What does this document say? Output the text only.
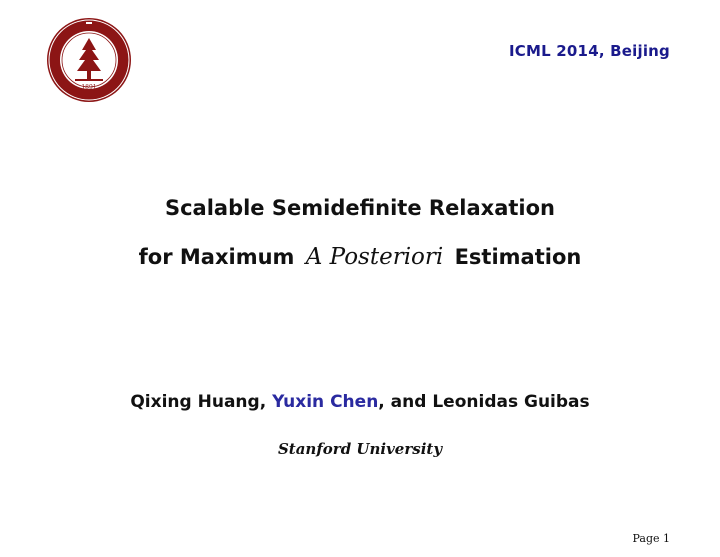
1891
ICML 2014, Beijing
Scalable Semidefinite Relaxation
for Maximum A Posteriori Estimation
Qixing Huang, Yuxin Chen, and Leonidas Guibas
Stanford University
Page 1
